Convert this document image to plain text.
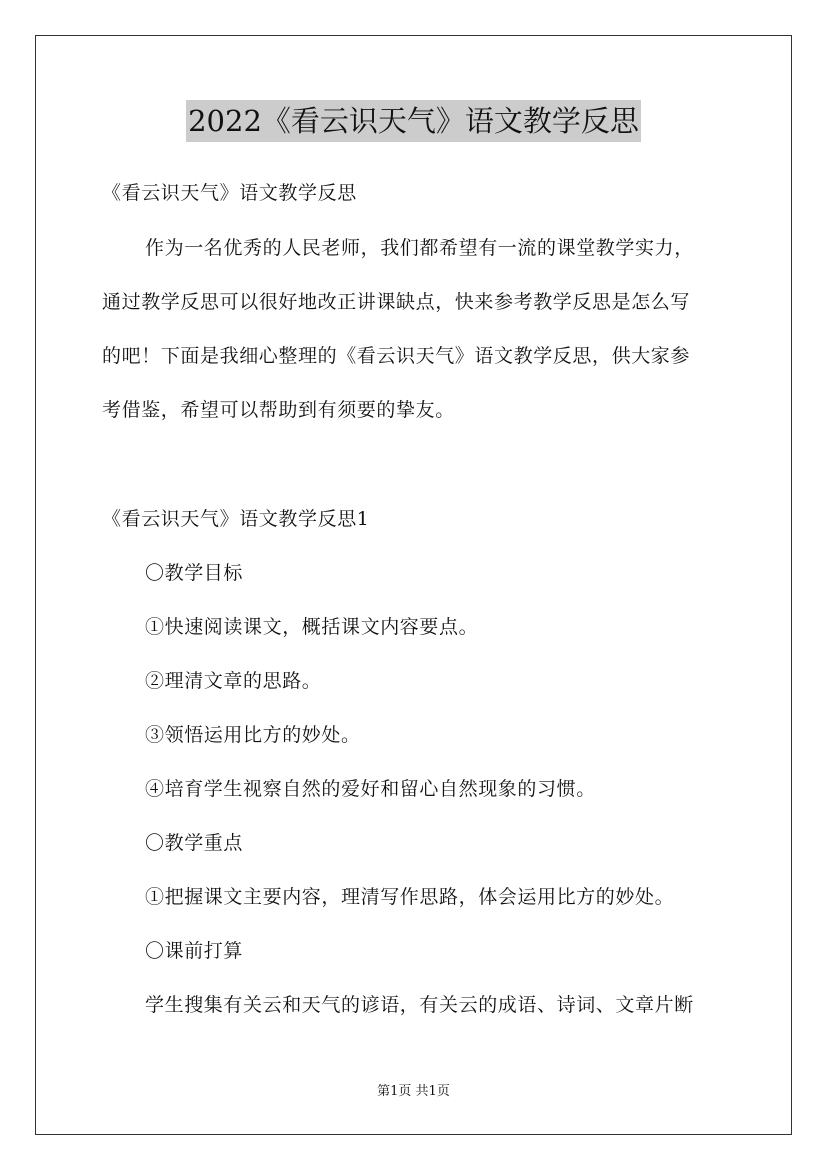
2022《看云识天气》语文教学反思
《看云识天气》语文教学反思
作为一名优秀的人民老师，我们都希望有一流的课堂教学实力，
通过教学反思可以很好地改正讲课缺点，快来参考教学反思是怎么写
的吧！下面是我细心整理的《看云识天气》语文教学反思，供大家参
考借鉴，希望可以帮助到有须要的挚友。
《看云识天气》语文教学反思1
〇教学目标
①快速阅读课文，概括课文内容要点。
②理清文章的思路。
③领悟运用比方的妙处。
④培育学生视察自然的爱好和留心自然现象的习惯。
〇教学重点
①把握课文主要内容，理清写作思路，体会运用比方的妙处。
〇课前打算
学生搜集有关云和天气的谚语，有关云的成语、诗词、文章片断
第1页 共1页
